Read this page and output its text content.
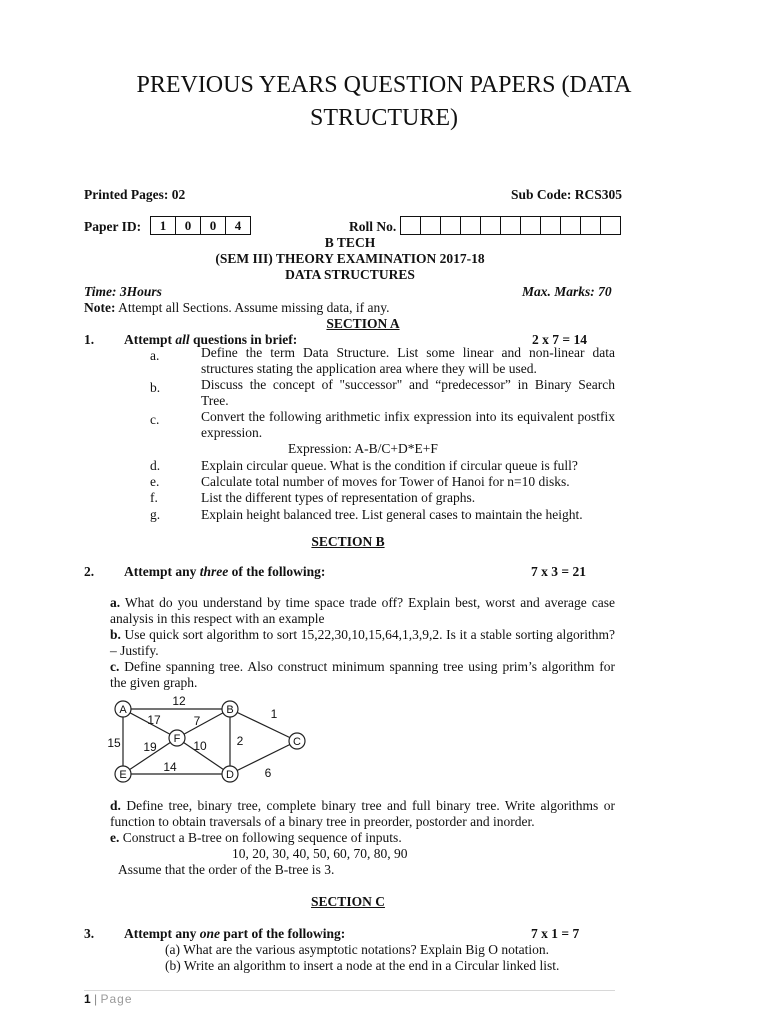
PREVIOUS YEARS QUESTION PAPERS (DATA STRUCTURE)
Printed Pages: 02	Sub Code: RCS305
Paper ID:	1	0	0	4	Roll No.
B TECH
(SEM III) THEORY EXAMINATION 2017-18
DATA STRUCTURES
Time: 3Hours	Max. Marks: 70
Note: Attempt all Sections. Assume missing data, if any.
SECTION A
1. Attempt all questions in brief:	2 x 7 = 14
a.	Define the term Data Structure. List some linear and non-linear data structures stating the application area where they will be used.
b.	Discuss the concept of "successor" and “predecessor” in Binary Search Tree.
c.	Convert the following arithmetic infix expression into its equivalent postfix expression.
Expression: A-B/C+D*E+F
d.	Explain circular queue. What is the condition if circular queue is full?
e.	Calculate total number of moves for Tower of Hanoi for n=10 disks.
f.	List the different types of representation of graphs.
g.	Explain height balanced tree. List general cases to maintain the height.
SECTION B
2. Attempt any three of the following:	7 x 3 = 21
a. What do you understand by time space trade off? Explain best, worst and average case analysis in this respect with an example
b. Use quick sort algorithm to sort 15,22,30,10,15,64,1,3,9,2. Is it a stable sorting algorithm? – Justify.
c. Define spanning tree. Also construct minimum spanning tree using prim’s algorithm for the given graph.
A	B
C
D
E
F
12
17	7	1
15 19	10 2
14	6
d. Define tree, binary tree, complete binary tree and full binary tree. Write algorithms or function to obtain traversals of a binary tree in preorder, postorder and inorder.
e. Construct a B-tree on following sequence of inputs.
10, 20, 30, 40, 50, 60, 70, 80, 90
Assume that the order of the B-tree is 3.
SECTION C
3. Attempt any one part of the following:	7 x 1 = 7
(a) What are the various asymptotic notations? Explain Big O notation.
(b) Write an algorithm to insert a node at the end in a Circular linked list.
1 | Page
